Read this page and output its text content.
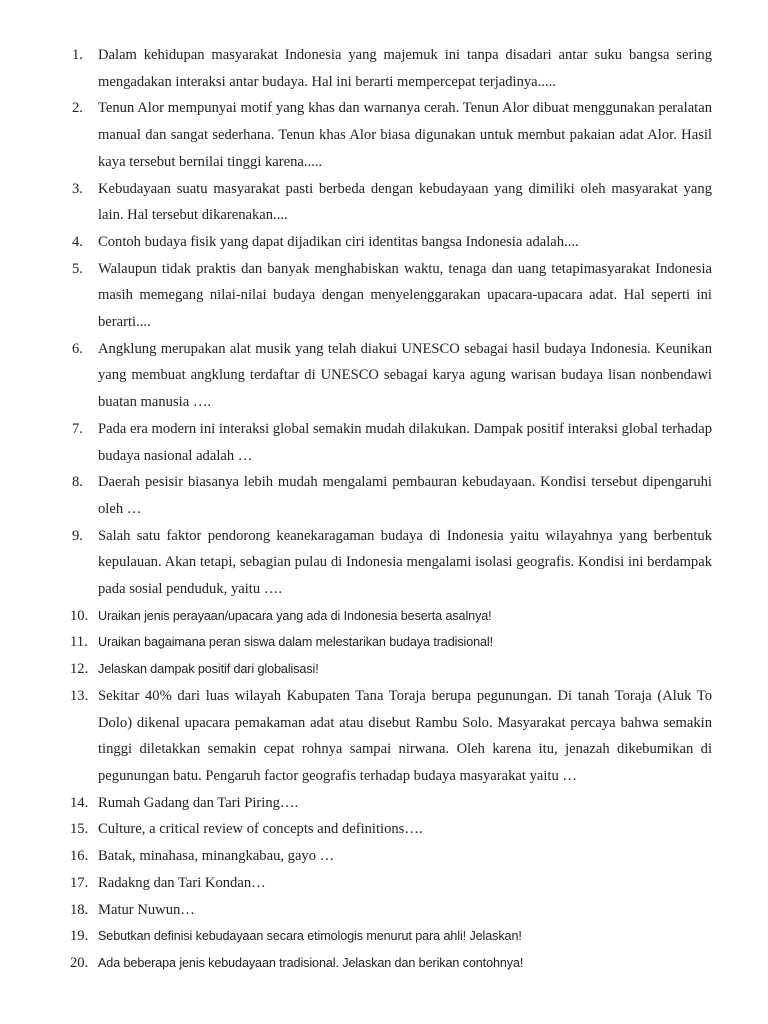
1.	Dalam kehidupan masyarakat Indonesia yang majemuk ini tanpa disadari antar suku bangsa sering mengadakan interaksi antar budaya. Hal ini berarti mempercepat terjadinya.....
2.	Tenun Alor mempunyai motif yang khas dan warnanya cerah. Tenun Alor dibuat menggunakan peralatan manual dan sangat sederhana. Tenun khas Alor biasa digunakan untuk membut pakaian adat Alor. Hasil kaya tersebut bernilai tinggi karena.....
3.	Kebudayaan suatu masyarakat pasti berbeda dengan kebudayaan yang dimiliki oleh masyarakat yang lain. Hal tersebut dikarenakan....
4.	Contoh budaya fisik yang dapat dijadikan ciri identitas bangsa Indonesia adalah....
5.	Walaupun tidak praktis dan banyak menghabiskan waktu, tenaga dan uang tetapimasyarakat Indonesia masih memegang nilai-nilai budaya dengan menyelenggarakan upacara-upacara adat. Hal seperti ini berarti....
6.	Angklung merupakan alat musik yang telah diakui UNESCO sebagai hasil budaya Indonesia. Keunikan yang membuat angklung terdaftar di UNESCO sebagai karya agung warisan budaya lisan nonbendawi buatan manusia ….
7.	Pada era modern ini interaksi global semakin mudah dilakukan. Dampak positif interaksi global terhadap budaya nasional adalah …
8.	Daerah pesisir biasanya lebih mudah mengalami pembauran kebudayaan. Kondisi tersebut dipengaruhi oleh …
9.	Salah satu faktor pendorong keanekaragaman budaya di Indonesia yaitu wilayahnya yang berbentuk kepulauan. Akan tetapi, sebagian pulau di Indonesia mengalami isolasi geografis. Kondisi ini berdampak pada sosial penduduk, yaitu ….
10. Uraikan jenis perayaan/upacara yang ada di Indonesia beserta asalnya!
11. Uraikan bagaimana peran siswa dalam melestarikan budaya tradisional!
12. Jelaskan dampak positif dari globalisasi!
13. Sekitar 40% dari luas wilayah Kabupaten Tana Toraja berupa pegunungan. Di tanah Toraja (Aluk To Dolo) dikenal upacara pemakaman adat atau disebut Rambu Solo. Masyarakat percaya bahwa semakin tinggi diletakkan semakin cepat rohnya sampai nirwana. Oleh karena itu, jenazah dikebumikan di pegunungan batu. Pengaruh factor geografis terhadap budaya masyarakat yaitu …
14. Rumah Gadang dan Tari Piring….
15. Culture, a critical review of concepts and definitions….
16. Batak, minahasa, minangkabau, gayo …
17. Radakng dan Tari Kondan…
18. Matur Nuwun…
19. Sebutkan definisi kebudayaan secara etimologis menurut para ahli! Jelaskan!
20. Ada beberapa jenis kebudayaan tradisional. Jelaskan dan berikan contohnya!
